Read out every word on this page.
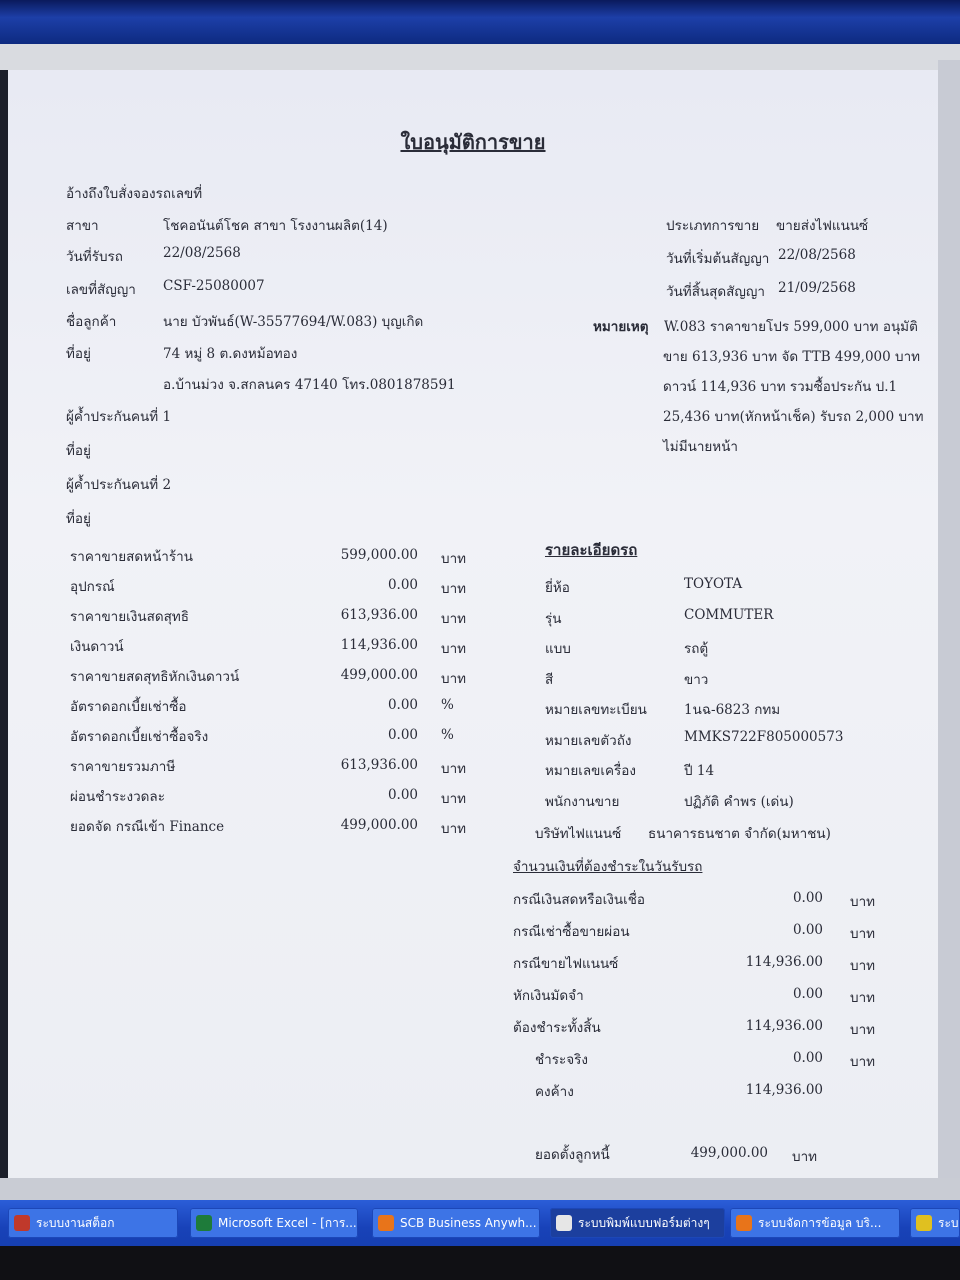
ใบอนุมัติการขาย
อ้างถึงใบสั่งจองรถเลขที่
สาขา	โชคอนันต์โชค สาขา โรงงานผลิต(14)
วันที่รับรถ	22/08/2568
เลขที่สัญญา CSF-25080007
ชื่อลูกค้า	นาย บัวพันธ์(W-35577694/W.083) บุญเกิด
ที่อยู่	74 หมู่ 8 ต.ดงหม้อทอง
อ.บ้านม่วง จ.สกลนคร 47140 โทร.0801878591
ผู้ค้ำประกันคนที่ 1
ที่อยู่
ผู้ค้ำประกันคนที่ 2
ที่อยู่
ประเภทการขาย ขายส่งไฟแนนซ์
วันที่เริ่มต้นสัญญา 22/08/2568
วันที่สิ้นสุดสัญญา 21/09/2568
หมายเหตุ W.083 ราคาขายโปร 599,000 บาท อนุมัติ
ขาย 613,936 บาท จัด TTB 499,000 บาท
ดาวน์ 114,936 บาท รวมซื้อประกัน ป.1
25,436 บาท(หักหน้าเช็ค) รับรถ 2,000 บาท
ไม่มีนายหน้า
ราคาขายสดหน้าร้าน	599,000.00 บาท
อุปกรณ์	0.00 บาท
ราคาขายเงินสดสุทธิ	613,936.00 บาท
เงินดาวน์	114,936.00 บาท
ราคาขายสดสุทธิหักเงินดาวน์	499,000.00 บาท
อัตราดอกเบี้ยเช่าซื้อ	0.00 %
อัตราดอกเบี้ยเช่าซื้อจริง	0.00 %
ราคาขายรวมภาษี	613,936.00 บาท
ผ่อนชำระงวดละ	0.00 บาท
ยอดจัด กรณีเข้า Finance	499,000.00 บาท
รายละเอียดรถ
ยี่ห้อ	TOYOTA
รุ่น	COMMUTER
แบบ	รถตู้
สี	ขาว
หมายเลขทะเบียน	1นฉ-6823 กทม
หมายเลขตัวถัง	MMKS722F805000573
หมายเลขเครื่อง	ปี 14
พนักงานขาย	ปฏิภัติ คำพร (เด่น)
บริษัทไฟแนนซ์ ธนาคารธนชาต จำกัด(มหาชน)
จำนวนเงินที่ต้องชำระในวันรับรถ
กรณีเงินสดหรือเงินเชื่อ	0.00 บาท
กรณีเช่าซื้อขายผ่อน	0.00 บาท
กรณีขายไฟแนนซ์	114,936.00 บาท
หักเงินมัดจำ	0.00 บาท
ต้องชำระทั้งสิ้น	114,936.00 บาท
ชำระจริง	0.00 บาท
คงค้าง	114,936.00
ยอดตั้งลูกหนี้	499,000.00 บาท
ระบบงานสต็อก	Microsoft Excel - [การ...	SCB Business Anywh...	ระบบพิมพ์แบบฟอร์มต่างๆ	ระบบจัดการข้อมูล บริ...	ระบ
